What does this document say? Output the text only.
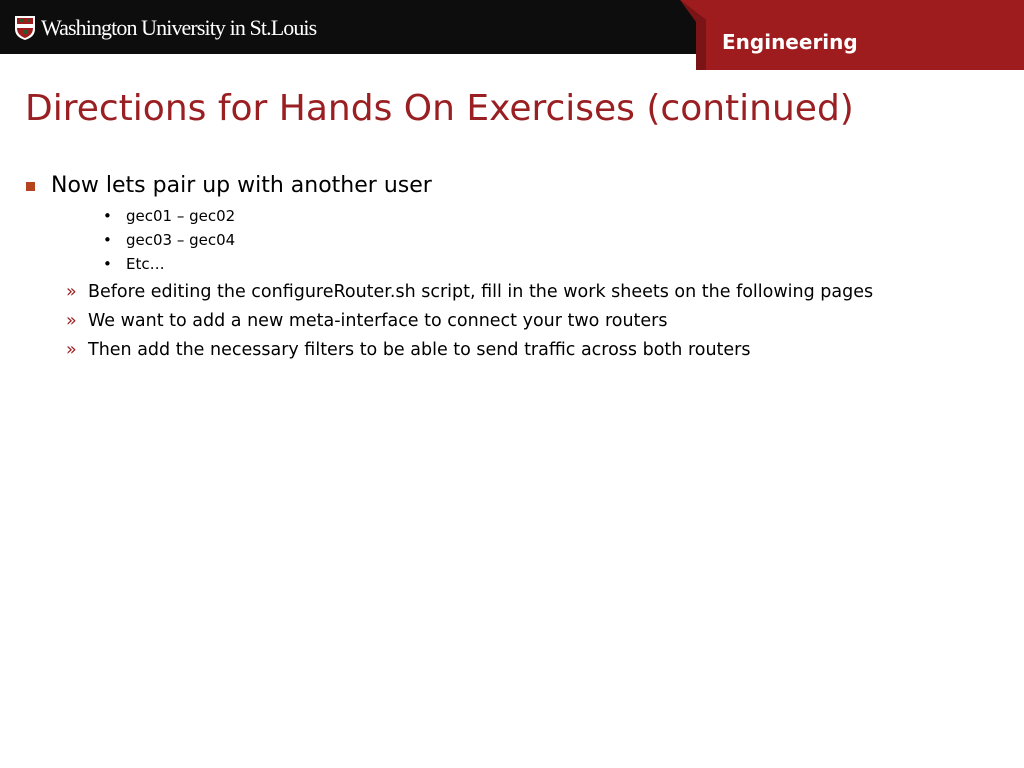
Washington University in St.Louis
Engineering
Directions for Hands On Exercises (continued)
Now lets pair up with another user
• gec01 – gec02
• gec03 – gec04
• Etc…
» Before editing the configureRouter.sh script, fill in the work sheets on the following pages
» We want to add a new meta-interface to connect your two routers
» Then add the necessary filters to be able to send traffic across both routers
